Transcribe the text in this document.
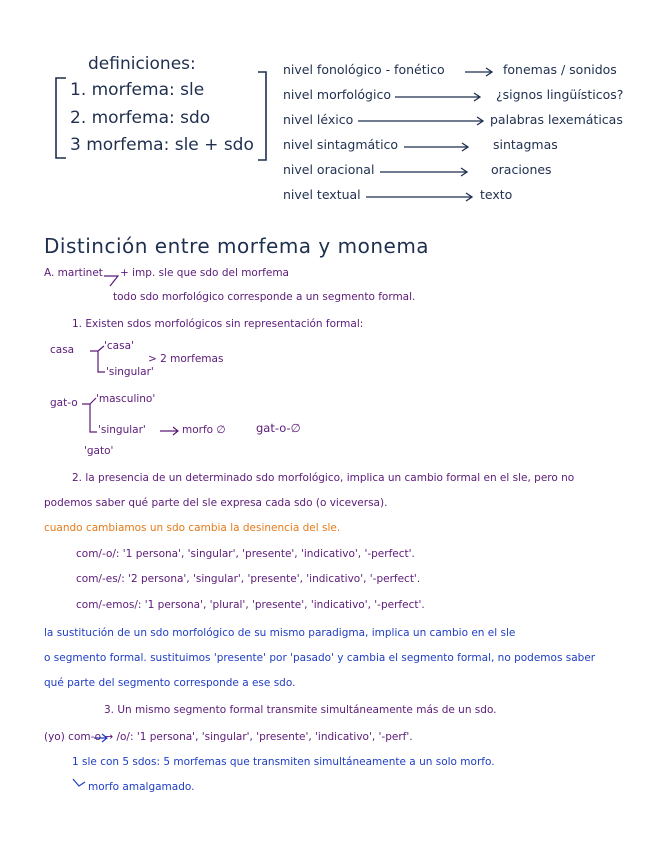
definiciones:
1. morfema: sle
2. morfema: sdo
3 morfema: sle + sdo
nivel fonológico - fonético	fonemas / sonidos
nivel morfológico	¿signos lingüísticos?
nivel léxico	palabras lexemáticas
nivel sintagmático	sintagmas
nivel oracional	oraciones
nivel textual	texto
Distinción entre morfema y monema
A. martinet + imp. sle que sdo del morfema
todo sdo morfológico corresponde a un segmento formal.
1. Existen sdos morfológicos sin representación formal:
casa	'casa'
'singular'
> 2 morfemas
gat-o 'masculino'
'singular'	morfo ∅	gat-o-∅
'gato'
2. la presencia de un determinado sdo morfológico, implica un cambio formal en el sle, pero no
podemos saber qué parte del sle expresa cada sdo (o viceversa).
cuando cambiamos un sdo cambia la desinencia del sle.
com/-o/: '1 persona', 'singular', 'presente', 'indicativo', '-perfect'.
com/-es/: '2 persona', 'singular', 'presente', 'indicativo', '-perfect'.
com/-emos/: '1 persona', 'plural', 'presente', 'indicativo', '-perfect'.
la sustitución de un sdo morfológico de su mismo paradigma, implica un cambio en el sle
o segmento formal. sustituimos 'presente' por 'pasado' y cambia el segmento formal, no podemos saber
qué parte del segmento corresponde a ese sdo.
3. Un mismo segmento formal transmite simultáneamente más de un sdo.
(yo) com-o → /o/: '1 persona', 'singular', 'presente', 'indicativo', '-perf'.
1 sle con 5 sdos: 5 morfemas que transmiten simultáneamente a un solo morfo.
morfo amalgamado.
